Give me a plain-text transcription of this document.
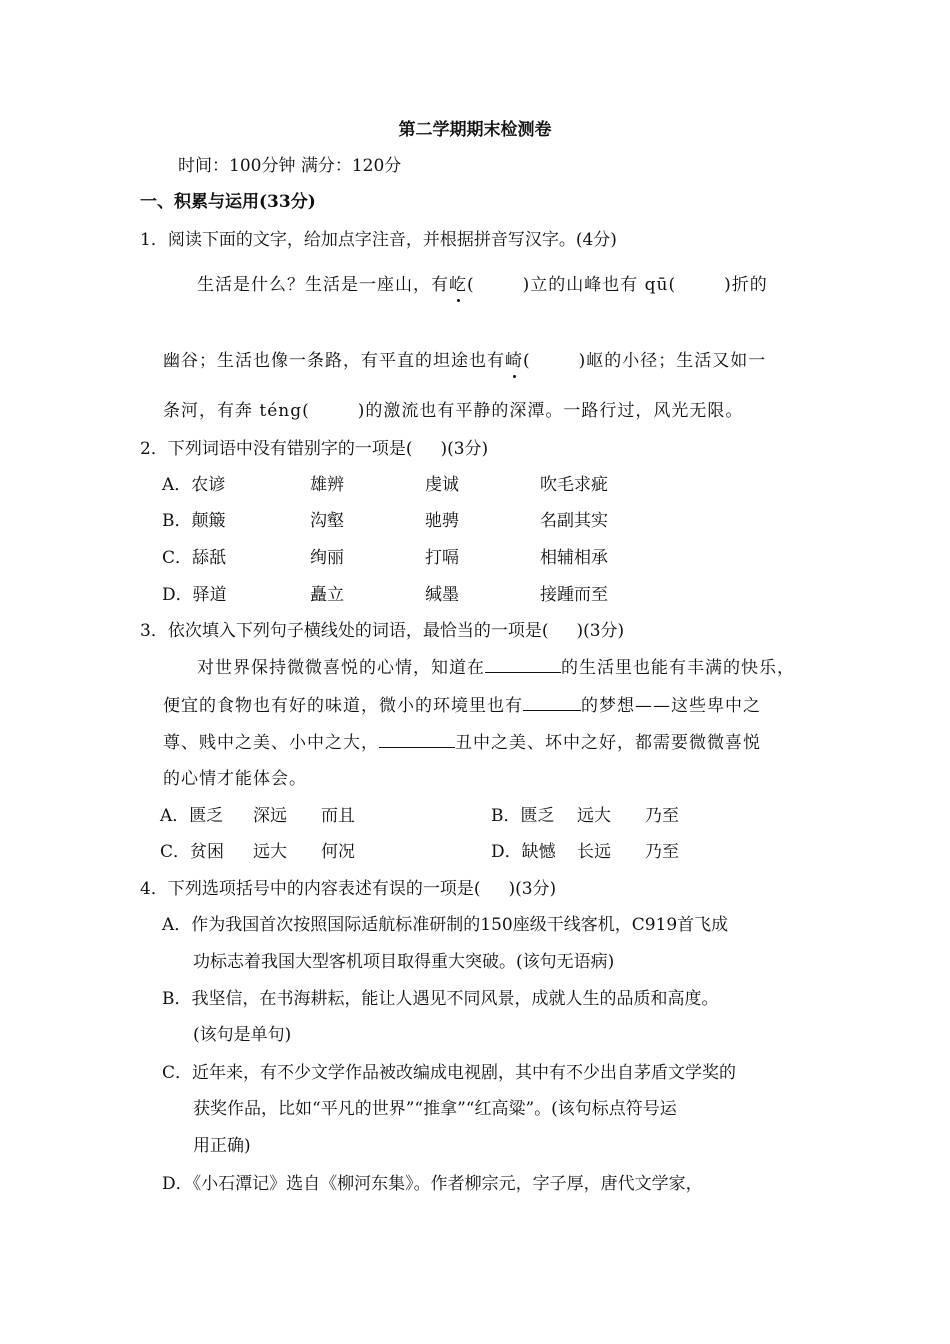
第二学期期末检测卷
时间：100分钟 满分：120分
一、积累与运用(33分)
1．阅读下面的文字，给加点字注音，并根据拼音写汉字。(4分)
生活是什么？生活是一座山，有屹(	)立的山峰也有 qū(	)折的
幽谷；生活也像一条路，有平直的坦途也有崎(	)岖的小径；生活又如一
条河，有奔 téng(	)的激流也有平静的深潭。一路行过，风光无限。
2．下列词语中没有错别字的一项是( )(3分)
A．农谚	雄辨	虔诚	吹毛求疵
B．颠簸	沟壑	驰骋	名副其实
C．舔舐	绚丽	打嗝	相辅相承
D．驿道	矗立	缄墨	接踵而至
3．依次填入下列句子横线处的词语，最恰当的一项是( )(3分)
对世界保持微微喜悦的心情，知道在	的生活里也能有丰满的快乐，
便宜的食物也有好的味道，微小的环境里也有	的梦想——这些卑中之
尊、贱中之美、小中之大，	丑中之美、坏中之好，都需要微微喜悦
的心情才能体会。
A．匮乏 深远 而且	B．匮乏 远大 乃至
C．贫困 远大 何况	D．缺憾 长远 乃至
4．下列选项括号中的内容表述有误的一项是( )(3分)
A．作为我国首次按照国际适航标准研制的150座级干线客机，C919首飞成
功标志着我国大型客机项目取得重大突破。(该句无语病)
B．我坚信，在书海耕耘，能让人遇见不同风景，成就人生的品质和高度。
(该句是单句)
C．近年来，有不少文学作品被改编成电视剧，其中有不少出自茅盾文学奖的
获奖作品，比如“平凡的世界”“推拿”“红高粱”。(该句标点符号运
用正确)
D．《小石潭记》选自《柳河东集》。作者柳宗元，字子厚，唐代文学家，
